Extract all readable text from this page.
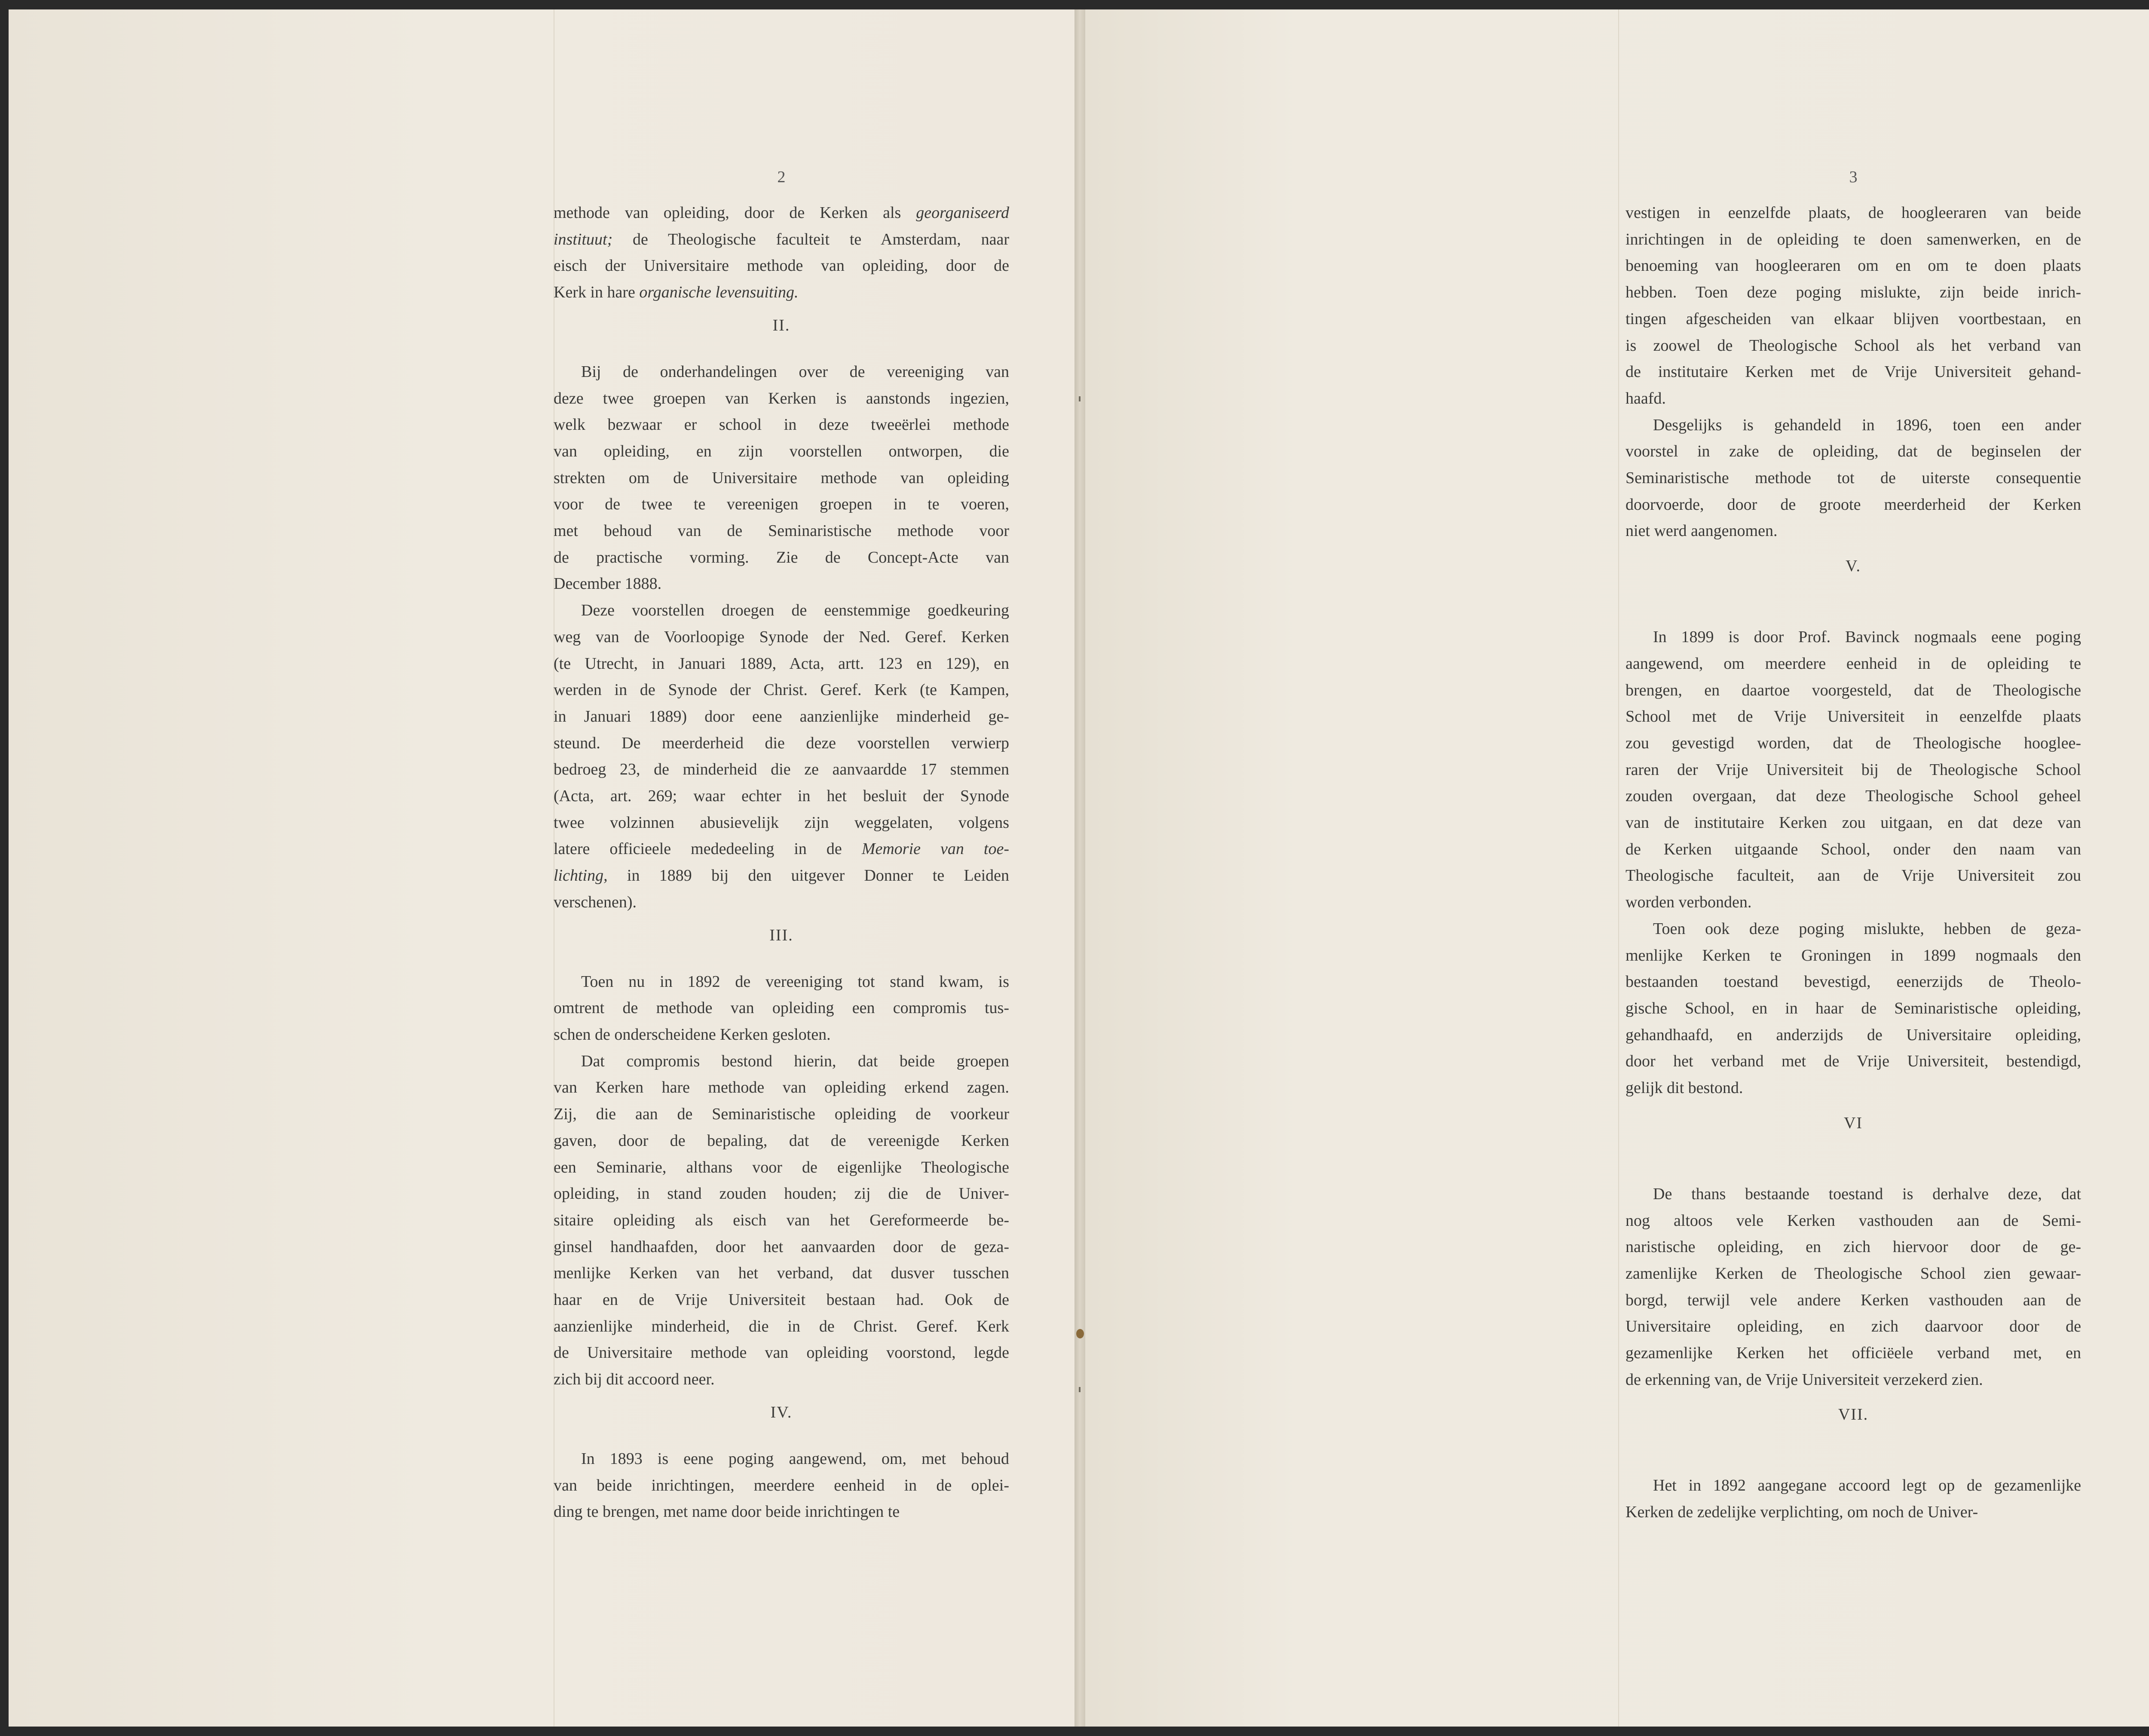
2

methode van opleiding, door de Kerken als georganiseerd

instituut; de Theologische faculteit te Amsterdam, naar

eisch der Universitaire methode van opleiding, door de

Kerk in hare organische levensuiting.

II.

Bij de onderhandelingen over de vereeniging van

deze twee groepen van Kerken is aanstonds ingezien,

welk bezwaar er school in deze tweeërlei methode

van opleiding, en zijn voorstellen ontworpen, die

strekten om de Universitaire methode van opleiding

voor de twee te vereenigen groepen in te voeren,

met behoud van de Seminaristische methode voor

de practische vorming. Zie de Concept-Acte van

December 1888.

Deze voorstellen droegen de eenstemmige goedkeuring

weg van de Voorloopige Synode der Ned. Geref. Kerken

(te Utrecht, in Januari 1889, Acta, artt. 123 en 129), en

werden in de Synode der Christ. Geref. Kerk (te Kampen,

in Januari 1889) door eene aanzienlijke minderheid ge-

steund. De meerderheid die deze voorstellen verwierp

bedroeg 23, de minderheid die ze aanvaardde 17 stemmen

(Acta, art. 269; waar echter in het besluit der Synode

twee volzinnen abusievelijk zijn weggelaten, volgens

latere officieele mededeeling in de Memorie van toe-

lichting, in 1889 bij den uitgever Donner te Leiden

verschenen).

III.

Toen nu in 1892 de vereeniging tot stand kwam, is

omtrent de methode van opleiding een compromis tus-

schen de onderscheidene Kerken gesloten.

Dat compromis bestond hierin, dat beide groepen

van Kerken hare methode van opleiding erkend zagen.

Zij, die aan de Seminaristische opleiding de voorkeur

gaven, door de bepaling, dat de vereenigde Kerken

een Seminarie, althans voor de eigenlijke Theologische

opleiding, in stand zouden houden; zij die de Univer-

sitaire opleiding als eisch van het Gereformeerde be-

ginsel handhaafden, door het aanvaarden door de geza-

menlijke Kerken van het verband, dat dusver tusschen

haar en de Vrije Universiteit bestaan had. Ook de

aanzienlijke minderheid, die in de Christ. Geref. Kerk

de Universitaire methode van opleiding voorstond, legde

zich bij dit accoord neer.

IV.

In 1893 is eene poging aangewend, om, met behoud

van beide inrichtingen, meerdere eenheid in de oplei-

ding te brengen, met name door beide inrichtingen te

3

vestigen in eenzelfde plaats, de hoogleeraren van beide

inrichtingen in de opleiding te doen samenwerken, en de

benoeming van hoogleeraren om en om te doen plaats

hebben. Toen deze poging mislukte, zijn beide inrich-

tingen afgescheiden van elkaar blijven voortbestaan, en

is zoowel de Theologische School als het verband van

de institutaire Kerken met de Vrije Universiteit gehand-

haafd.

Desgelijks is gehandeld in 1896, toen een ander

voorstel in zake de opleiding, dat de beginselen der

Seminaristische methode tot de uiterste consequentie

doorvoerde, door de groote meerderheid der Kerken

niet werd aangenomen.

V.

In 1899 is door Prof. Bavinck nogmaals eene poging

aangewend, om meerdere eenheid in de opleiding te

brengen, en daartoe voorgesteld, dat de Theologische

School met de Vrije Universiteit in eenzelfde plaats

zou gevestigd worden, dat de Theologische hooglee-

raren der Vrije Universiteit bij de Theologische School

zouden overgaan, dat deze Theologische School geheel

van de institutaire Kerken zou uitgaan, en dat deze van

de Kerken uitgaande School, onder den naam van

Theologische faculteit, aan de Vrije Universiteit zou

worden verbonden.

Toen ook deze poging mislukte, hebben de geza-

menlijke Kerken te Groningen in 1899 nogmaals den

bestaanden toestand bevestigd, eenerzijds de Theolo-

gische School, en in haar de Seminaristische opleiding,

gehandhaafd, en anderzijds de Universitaire opleiding,

door het verband met de Vrije Universiteit, bestendigd,

gelijk dit bestond.

VI

De thans bestaande toestand is derhalve deze, dat

nog altoos vele Kerken vasthouden aan de Semi-

naristische opleiding, en zich hiervoor door de ge-

zamenlijke Kerken de Theologische School zien gewaar-

borgd, terwijl vele andere Kerken vasthouden aan de

Universitaire opleiding, en zich daarvoor door de

gezamenlijke Kerken het officiëele verband met, en

de erkenning van, de Vrije Universiteit verzekerd zien.

VII.

Het in 1892 aangegane accoord legt op de gezamenlijke

Kerken de zedelijke verplichting, om noch de Univer-
